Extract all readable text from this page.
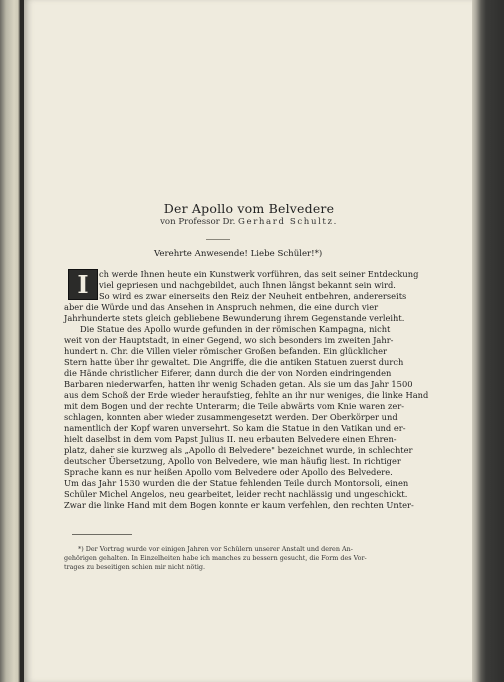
Der Apollo vom Belvedere
von Professor Dr. Gerhard Schultz.
Verehrte Anwesende! Liebe Schüler!*)
I	ch werde Ihnen heute ein Kunstwerk vorführen, das seit seiner Entdeckung
viel gepriesen und nachgebildet, auch Ihnen längst bekannt sein wird.
So wird es zwar einerseits den Reiz der Neuheit entbehren, andererseits
aber die Würde und das Ansehen in Anspruch nehmen, die eine durch vier
Jahrhunderte stets gleich gebliebene Bewunderung ihrem Gegenstande verleiht.
Die Statue des Apollo wurde gefunden in der römischen Kampagna, nicht
weit von der Hauptstadt, in einer Gegend, wo sich besonders im zweiten Jahr-
hundert n. Chr. die Villen vieler römischer Großen befanden. Ein glücklicher
Stern hatte über ihr gewaltet. Die Angriffe, die die antiken Statuen zuerst durch
die Hände christlicher Eiferer, dann durch die der von Norden eindringenden
Barbaren niederwarfen, hatten ihr wenig Schaden getan. Als sie um das Jahr 1500
aus dem Schoß der Erde wieder heraufstieg, fehlte an ihr nur weniges, die linke Hand
mit dem Bogen und der rechte Unterarm; die Teile abwärts vom Knie waren zer-
schlagen, konnten aber wieder zusammengesetzt werden. Der Oberkörper und
namentlich der Kopf waren unversehrt. So kam die Statue in den Vatikan und er-
hielt daselbst in dem vom Papst Julius II. neu erbauten Belvedere einen Ehren-
platz, daher sie kurzweg als „Apollo di Belvedere" bezeichnet wurde, in schlechter
deutscher Übersetzung, Apollo von Belvedere, wie man häufig liest. In richtiger
Sprache kann es nur heißen Apollo vom Belvedere oder Apollo des Belvedere.
Um das Jahr 1530 wurden die der Statue fehlenden Teile durch Montorsoli, einen
Schüler Michel Angelos, neu gearbeitet, leider recht nachlässig und ungeschickt.
Zwar die linke Hand mit dem Bogen konnte er kaum verfehlen, den rechten Unter-
*) Der Vortrag wurde vor einigen Jahren vor Schülern unserer Anstalt und deren An-
gehörigen gehalten. In Einzelheiten habe ich manches zu bessern gesucht, die Form des Vor-
trages zu beseitigen schien mir nicht nötig.
